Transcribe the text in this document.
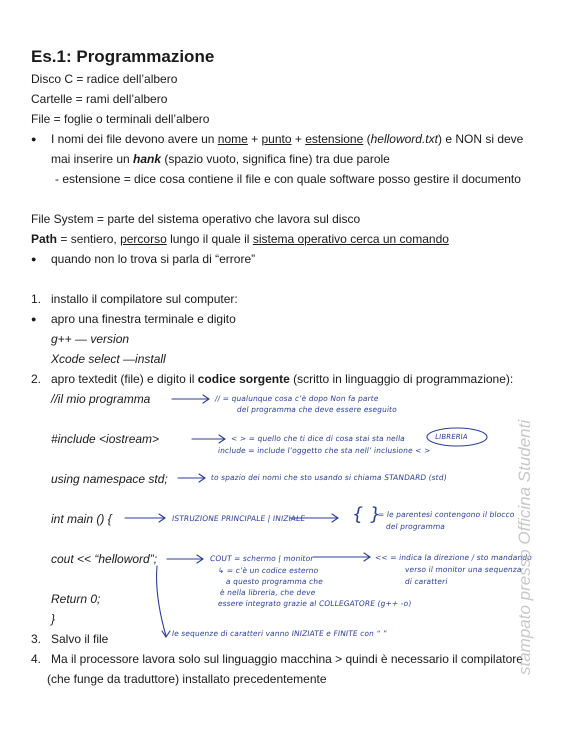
Es.1: Programmazione
Disco C = radice dell’albero
Cartelle = rami dell’albero
File = foglie o terminali dell’albero
● I nomi dei file devono avere un nome + punto + estensione (helloword.txt) e NON si deve
mai inserire un hank (spazio vuoto, significa fine) tra due parole
- estensione = dice cosa contiene il file e con quale software posso gestire il documento
File System = parte del sistema operativo che lavora sul disco
Path = sentiero, percorso lungo il quale il sistema operativo cerca un comando
● quando non lo trova si parla di “errore”
1. installo il compilatore sul computer:
● apro una finestra terminale e digito
g++ — version
Xcode select —install
2. apro textedit (file) e digito il codice sorgente (scritto in linguaggio di programmazione):
//il mio programma
#include <iostream>
using namespace std;
int main () {
cout << “helloword”;
Return 0;
}
3. Salvo il file
4. Ma il processore lavora solo sul linguaggio macchina > quindi è necessario il compilatore
(che funge da traduttore) installato precedentemente
// = qualunque cosa c’è dopo Non fa parte
del programma che deve essere eseguito
< > = quello che ti dice di cosa stai sta nella	LIBRERIA
include = include l’oggetto che sta nell’ inclusione < >
to spazio dei nomi che sto usando si chiama STANDARD (std)
ISTRUZIONE PRINCIPALE | INIZIALE { }
= le parentesi contengono il blocco
del programma
COUT = schermo | monitor
↳ = c’è un codice esterno
a questo programma che
è nella libreria, che deve
essere integrato grazie al COLLEGATORE (g++ -o)
<< = indica la direzione / sto mandando
verso il monitor una sequenza
di caratteri
le sequenze di caratteri vanno INIZIATE e FINITE con “ ”	stampato presso Officina Studenti
